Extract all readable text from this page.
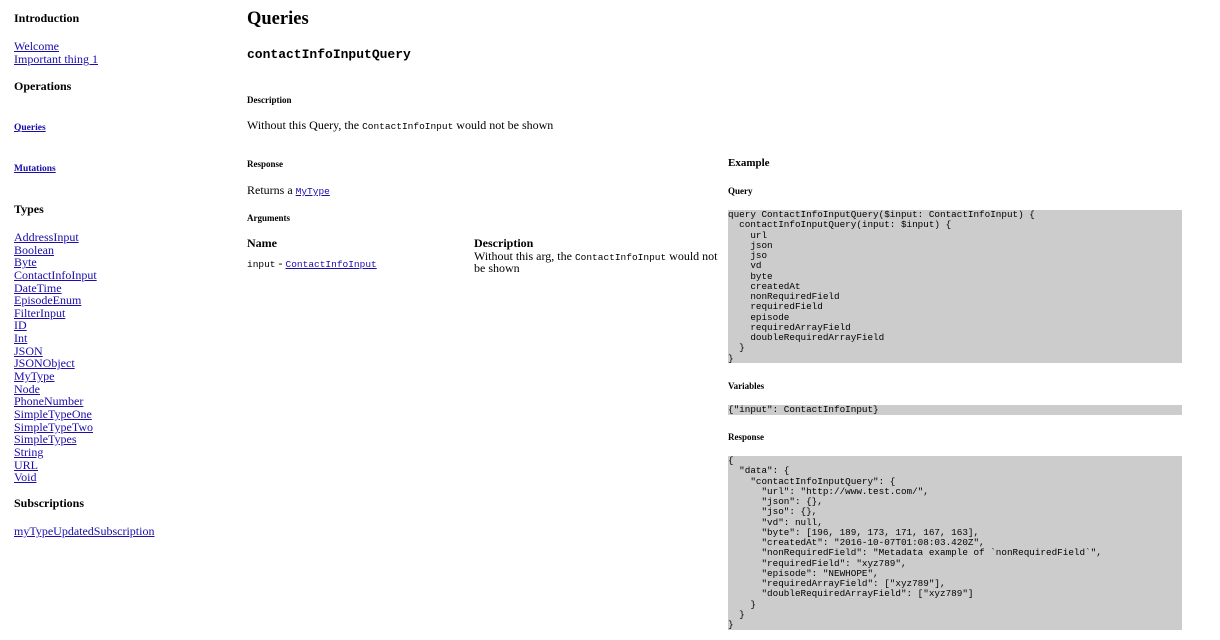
Introduction
Welcome
Important thing 1
Operations
Queries
Mutations
Types
AddressInput
Boolean
Byte
ContactInfoInput
DateTime
EpisodeEnum
FilterInput
ID
Int
JSON
JSONObject
MyType
Node
PhoneNumber
SimpleTypeOne
SimpleTypeTwo
SimpleTypes
String
URL
Void
Subscriptions
myTypeUpdatedSubscription
Queries
contactInfoInputQuery
Description

Without this Query, the ContactInfoInput would not be shown

Response

Returns a MyType

Arguments
Name	Description
input - ContactInfoInput
Without this arg, the ContactInfoInput would not
be shown
Example
Query
query ContactInfoInputQuery($input: ContactInfoInput) {
contactInfoInputQuery(input: $input) {
url
json
jso
vd
byte
createdAt
nonRequiredField
requiredField
episode
requiredArrayField
doubleRequiredArrayField
}
}
Variables
{"input": ContactInfoInput}
Response
{
"data": {
"contactInfoInputQuery": {
"url": "http://www.test.com/",
"json": {},
"jso": {},
"vd": null,
"byte": [196, 189, 173, 171, 167, 163],
"createdAt": "2016-10-07T01:08:03.420Z",
"nonRequiredField": "Metadata example of `nonRequiredField`",
"requiredField": "xyz789",
"episode": "NEWHOPE",
"requiredArrayField": ["xyz789"],
"doubleRequiredArrayField": ["xyz789"]
}
}
}
